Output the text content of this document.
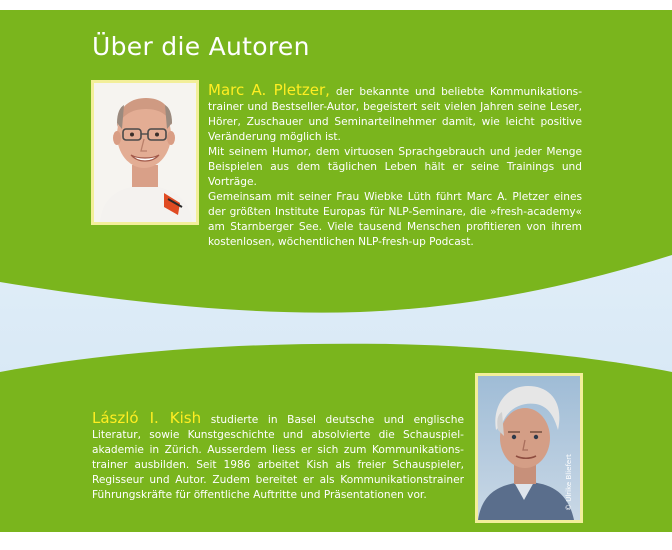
Über die Autoren

Marc A. Pletzer, der bekannte und beliebte Kommunikationstrainer und Bestseller-Autor, begeistert seit vielen Jahren seine Leser, Hörer, Zuschauer und Seminarteilnehmer damit, wie leicht positive Veränderung möglich ist.

Mit seinem Humor, dem virtuosen Sprachgebrauch und jeder Menge Beispielen aus dem täglichen Leben hält er seine Trainings und Vorträge.

Gemeinsam mit seiner Frau Wiebke Lüth führt Marc A. Pletzer eines der größten Institute Europas für NLP-Seminare, die »fresh-academy« am Starnberger See. Viele tausend Menschen profitieren von ihrem kostenlosen, wöchentlichen NLP-fresh-up Podcast.

László I. Kish studierte in Basel deutsche und englische Literatur, sowie Kunstgeschichte und absolvierte die Schauspielakademie in Zürich. Ausserdem liess er sich zum Kommunikationstrainer ausbilden. Seit 1986 arbeitet Kish als freier Schauspieler, Regisseur und Autor. Zudem bereitet er als Kommunikationstrainer Führungskräfte für öffentliche Auftritte und Präsentationen vor.	© Ulrike Bliefert
